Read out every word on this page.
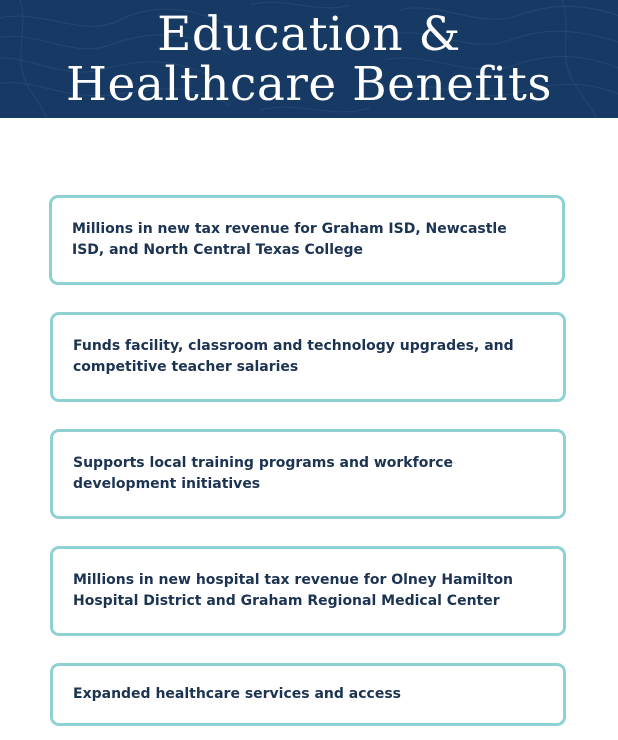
Education &
Healthcare Benefits

Millions in new tax revenue for Graham ISD, Newcastle ISD, and North Central Texas College

Funds facility, classroom and technology upgrades, and competitive teacher salaries

Supports local training programs and workforce development initiatives

Millions in new hospital tax revenue for Olney Hamilton Hospital District and Graham Regional Medical Center

Expanded healthcare services and access
